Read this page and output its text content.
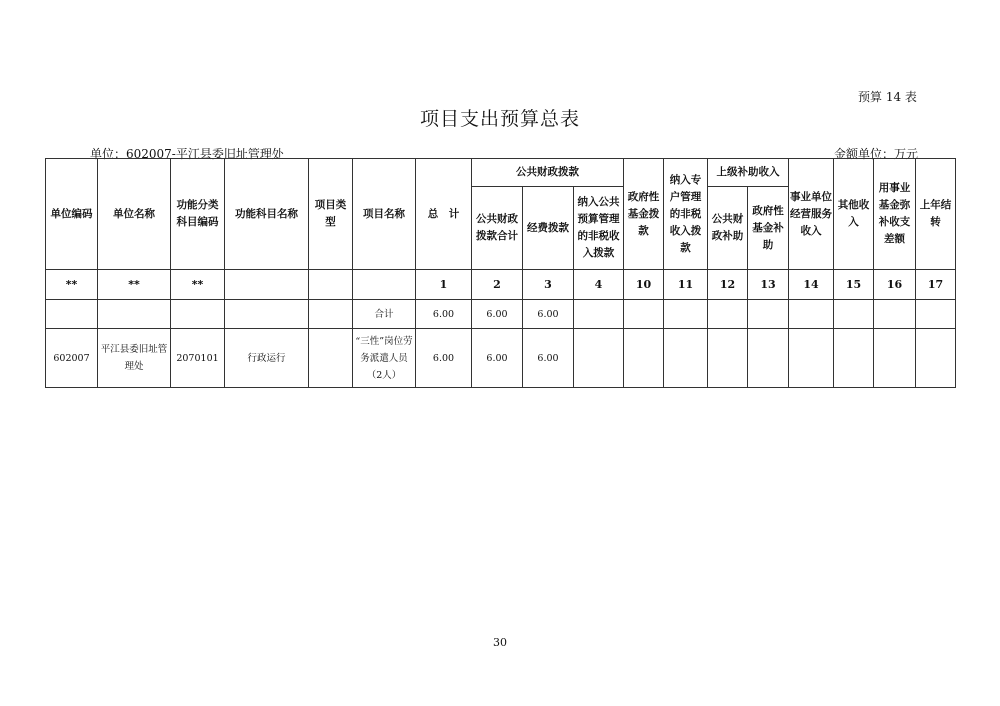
预算 14 表
项目支出预算总表
单位：602007-平江县委旧址管理处	金额单位：万元
单位编码	单位名称	功能分类科目编码	功能科目名称	项目类型	项目名称	总　计	公共财政拨款			政府性基金拨款	纳入专户管理的非税收入拨款	上级补助收入		事业单位经营服务收入	其他收入	用事业基金弥补收支差额	上年结转
							公共财政拨款合计	经费拨款	纳入公共预算管理的非税收入拨款			公共财政补助	政府性基金补助				
**	**	**				1	2	3	4	10	11	12	13	14	15	16	17
					合计	6.00	6.00	6.00									
602007	平江县委旧址管理处	2070101	行政运行		“三性”岗位劳务派遣人员（2人）	6.00	6.00	6.00									
30
